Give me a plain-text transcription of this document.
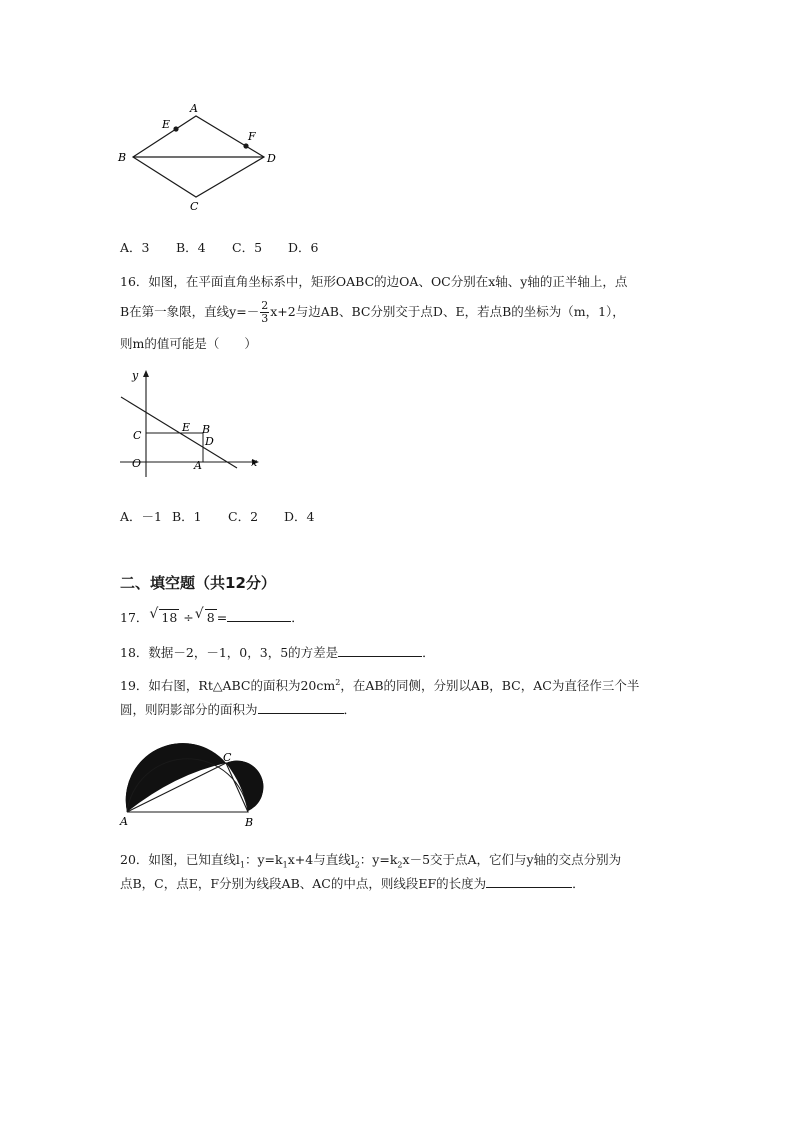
A
E
F
B	D
C
A．3 B．4 C．5 D．6
16．如图，在平面直角坐标系中，矩形OABC的边OA、OC分别在x轴、y轴的正半轴上，点
B在第一象限，直线$y=- \frac{2}{3} x+2$与边AB、BC分别交于点D、E，若点B的坐标为（m，1），
则m的值可能是（　　）
y
x
O
C
A
E B
D
A．－1 B．1 C．2 D．4
二、填空题（共12分）
17． √ 18 ÷ √ 8 =	．
18．数据－2，－1，0，3，5的方差是	．
19．如右图，Rt△ABC的面积为$20cm^2$，在AB的同侧，分别以AB，BC，AC为直径作三个半
圆，则阴影部分的面积为	．
A	B
C
20．如图，已知直线$l_1$：$y=k_1x+4$与直线$l_2$：$y=k_2x-5$交于点A，它们与y轴的交点分别为
点B，C，点E，F分别为线段AB、AC的中点，则线段EF的长度为	．
